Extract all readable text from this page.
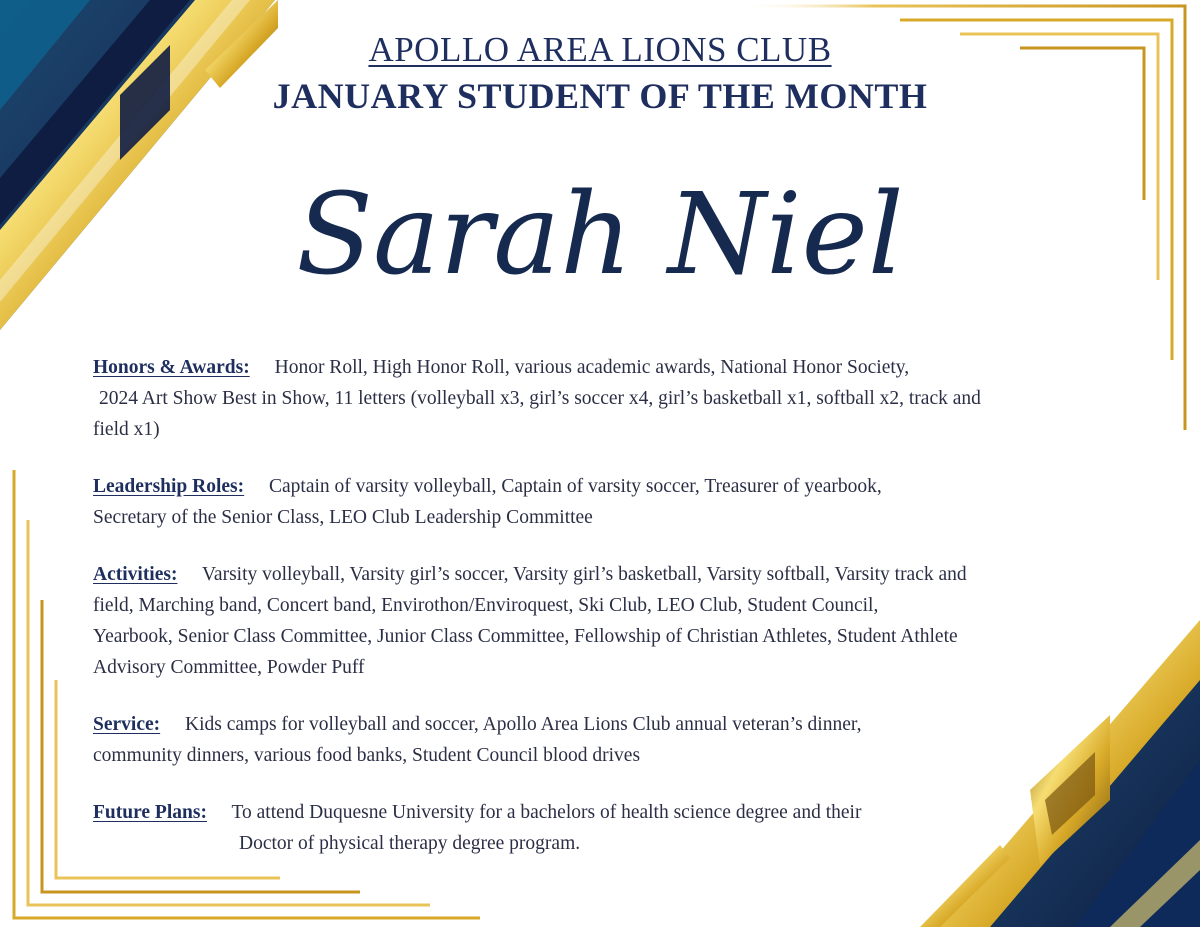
APOLLO AREA LIONS CLUB
JANUARY STUDENT OF THE MONTH
Sarah Niel
Honors & Awards: Honor Roll, High Honor Roll, various academic awards, National Honor Society,
2024 Art Show Best in Show, 11 letters (volleyball x3, girl’s soccer x4, girl’s basketball x1, softball x2, track and
field x1)
Leadership Roles: Captain of varsity volleyball, Captain of varsity soccer, Treasurer of yearbook,
Secretary of the Senior Class, LEO Club Leadership Committee
Activities: Varsity volleyball, Varsity girl’s soccer, Varsity girl’s basketball, Varsity softball, Varsity track and
field, Marching band, Concert band, Envirothon/Enviroquest, Ski Club, LEO Club, Student Council,
Yearbook, Senior Class Committee, Junior Class Committee, Fellowship of Christian Athletes, Student Athlete
Advisory Committee, Powder Puff
Service: Kids camps for volleyball and soccer, Apollo Area Lions Club annual veteran’s dinner,
community dinners, various food banks, Student Council blood drives
Future Plans: To attend Duquesne University for a bachelors of health science degree and their
Doctor of physical therapy degree program.
